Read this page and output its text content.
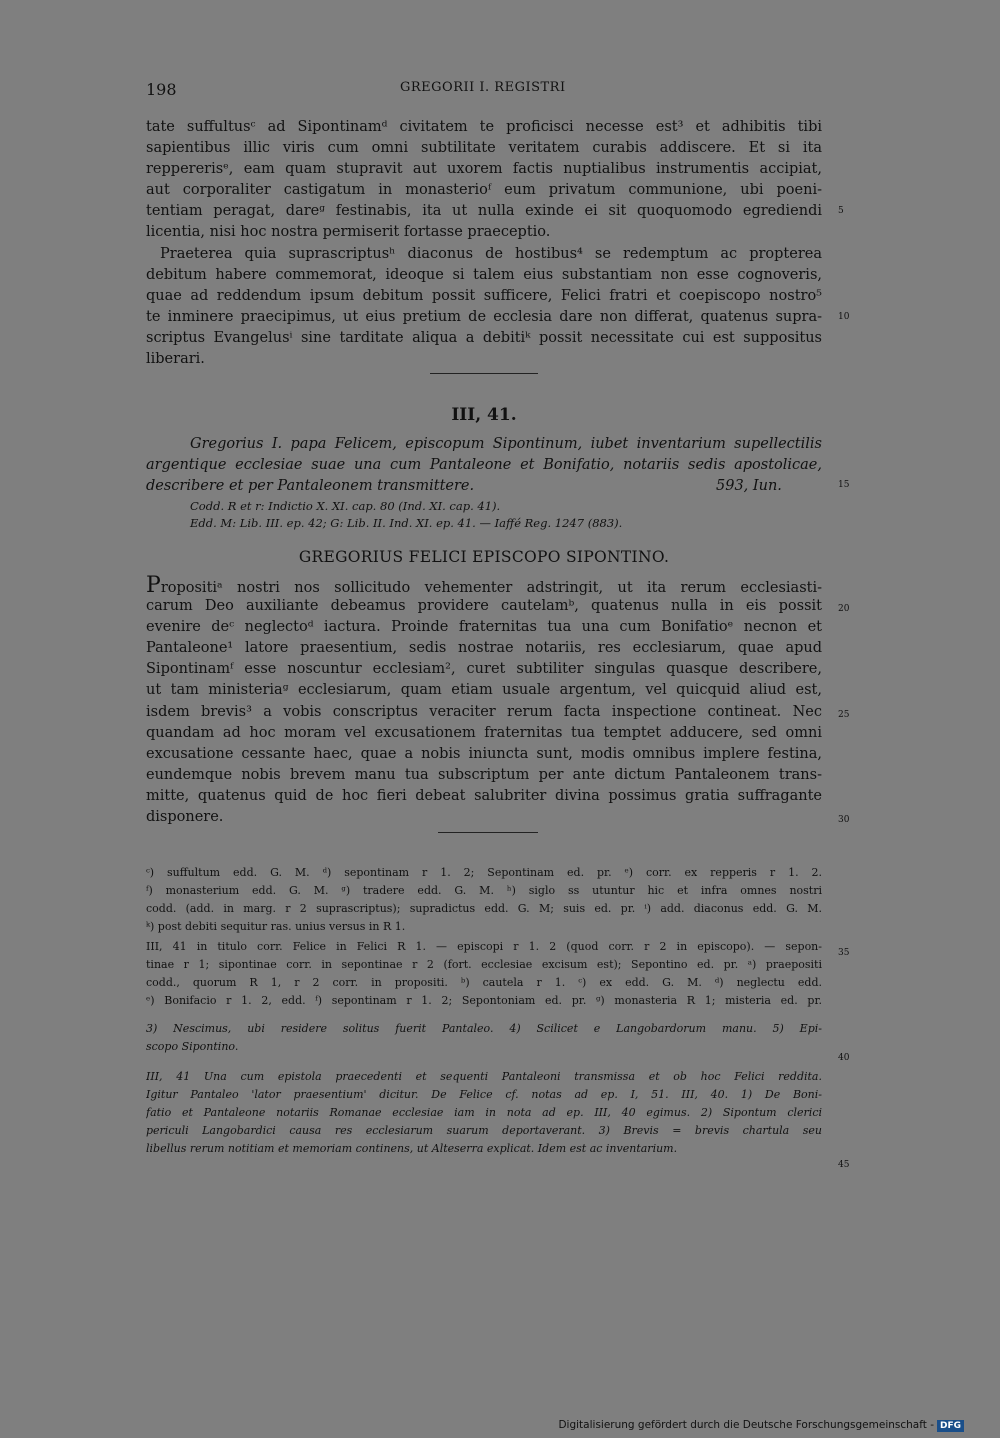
198	GREGORII I. REGISTRI
tate suffultusᶜ ad Sipontinamᵈ civitatem te proficisci necesse est³ et adhibitis tibi
sapientibus illic viris cum omni subtilitate veritatem curabis addiscere. Et si ita
reppererisᵉ, eam quam stupravit aut uxorem factis nuptialibus instrumentis accipiat,
aut corporaliter castigatum in monasterioᶠ eum privatum communione, ubi poeni-
tentiam peragat, dareᵍ festinabis, ita ut nulla exinde ei sit quoquomodo egrediendi
licentia, nisi hoc nostra permiserit fortasse praeceptio.
Praeterea quia suprascriptusʰ diaconus de hostibus⁴ se redemptum ac propterea
debitum habere commemorat, ideoque si talem eius substantiam non esse cognoveris,
quae ad reddendum ipsum debitum possit sufficere, Felici fratri et coepiscopo nostro⁵
te inminere praecipimus, ut eius pretium de ecclesia dare non differat, quatenus supra-
scriptus Evangelusⁱ sine tarditate aliqua a debitiᵏ possit necessitate cui est suppositus
liberari.
III, 41.
Gregorius I. papa Felicem, episcopum Sipontinum, iubet inventarium supellectilis
argentique ecclesiae suae una cum Pantaleone et Bonifatio, notariis sedis apostolicae,
describere et per Pantaleonem transmittere.	593, Iun.
Codd. R et r: Indictio X. XI. cap. 80 (Ind. XI. cap. 41).
Edd. M: Lib. III. ep. 42; G: Lib. II. Ind. XI. ep. 41. — Iaffé Reg. 1247 (883).
GREGORIUS FELICI EPISCOPO SIPONTINO.
Propositiᵃ nostri nos sollicitudo vehementer adstringit, ut ita rerum ecclesiasti-
carum Deo auxiliante debeamus providere cautelamᵇ, quatenus nulla in eis possit
evenire deᶜ neglectoᵈ iactura. Proinde fraternitas tua una cum Bonifatioᵉ necnon et
Pantaleone¹ latore praesentium, sedis nostrae notariis, res ecclesiarum, quae apud
Sipontinamᶠ esse noscuntur ecclesiam², curet subtiliter singulas quasque describere,
ut tam ministeriaᵍ ecclesiarum, quam etiam usuale argentum, vel quicquid aliud est,
isdem brevis³ a vobis conscriptus veraciter rerum facta inspectione contineat. Nec
quandam ad hoc moram vel excusationem fraternitas tua temptet adducere, sed omni
excusatione cessante haec, quae a nobis iniuncta sunt, modis omnibus implere festina,
eundemque nobis brevem manu tua subscriptum per ante dictum Pantaleonem trans-
mitte, quatenus quid de hoc fieri debeat salubriter divina possimus gratia suffragante
disponere.
ᶜ) suffultum edd. G. M. ᵈ) sepontinam r 1. 2; Sepontinam ed. pr. ᵉ) corr. ex repperis r 1. 2.
ᶠ) monasterium edd. G. M. ᵍ) tradere edd. G. M. ʰ) siglo ss utuntur hic et infra omnes nostri
codd. (add. in marg. r 2 suprascriptus); supradictus edd. G. M; suis ed. pr. ⁱ) add. diaconus edd. G. M.
ᵏ) post debiti sequitur ras. unius versus in R 1.
III, 41 in titulo corr. Felice in Felici R 1. — episcopi r 1. 2 (quod corr. r 2 in episcopo). — sepon-
tinae r 1; sipontinae corr. in sepontinae r 2 (fort. ecclesiae excisum est); Sepontino ed. pr. ᵃ) praepositi
codd., quorum R 1, r 2 corr. in propositi. ᵇ) cautela r 1. ᶜ) ex edd. G. M. ᵈ) neglectu edd.
ᵉ) Bonifacio r 1. 2, edd. ᶠ) sepontinam r 1. 2; Sepontoniam ed. pr. ᵍ) monasteria R 1; misteria ed. pr.
3) Nescimus, ubi residere solitus fuerit Pantaleo. 4) Scilicet e Langobardorum manu. 5) Epi-
scopo Sipontino.
III, 41 Una cum epistola praecedenti et sequenti Pantaleoni transmissa et ob hoc Felici reddita.
Igitur Pantaleo 'lator praesentium' dicitur. De Felice cf. notas ad ep. I, 51. III, 40. 1) De Boni-
fatio et Pantaleone notariis Romanae ecclesiae iam in nota ad ep. III, 40 egimus. 2) Sipontum clerici
periculi Langobardici causa res ecclesiarum suarum deportaverant. 3) Brevis = brevis chartula seu
libellus rerum notitiam et memoriam continens, ut Alteserra explicat. Idem est ac inventarium.
5
10
15
20
25
30
35
40
45
Digitalisierung gefördert durch die Deutsche Forschungsgemeinschaft - DFG
